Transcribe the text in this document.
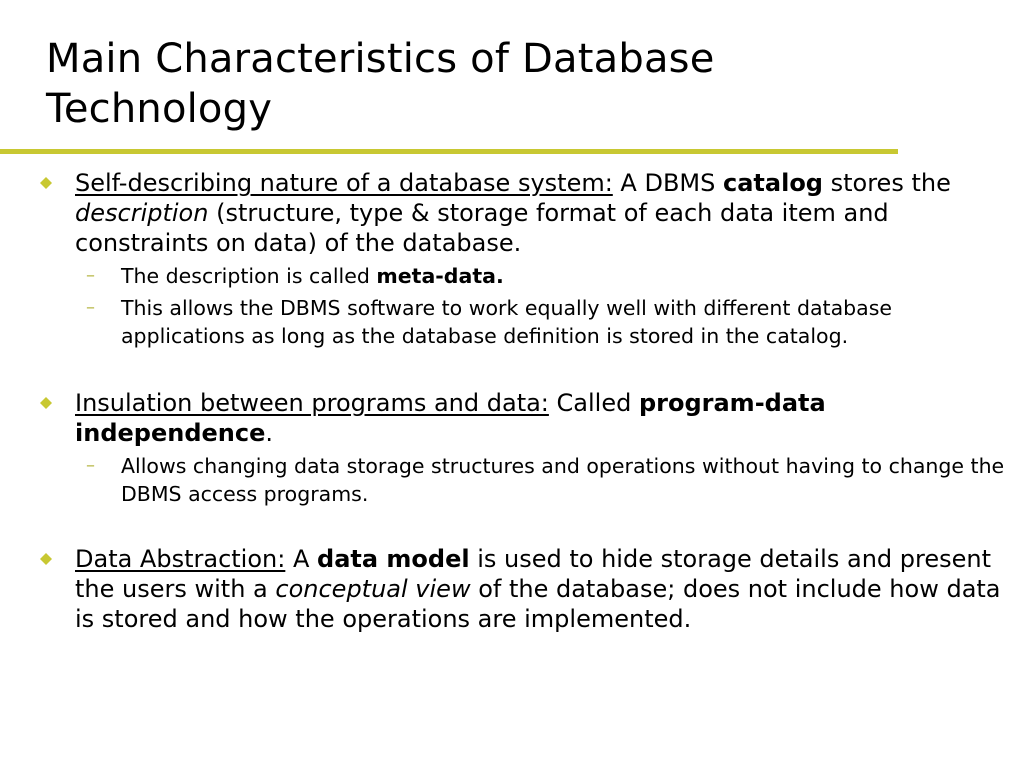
Main Characteristics of Database
Technology
Self-describing nature of a database system: A DBMS catalog stores the description (structure, type & storage format of each data item and constraints on data) of the database.
– The description is called meta-data.
– This allows the DBMS software to work equally well with different database applications as long as the database definition is stored in the catalog.
Insulation between programs and data: Called program-data independence.
– Allows changing data storage structures and operations without having to change the DBMS access programs.
Data Abstraction: A data model is used to hide storage details and present the users with a conceptual view of the database; does not include how data is stored and how the operations are implemented.
